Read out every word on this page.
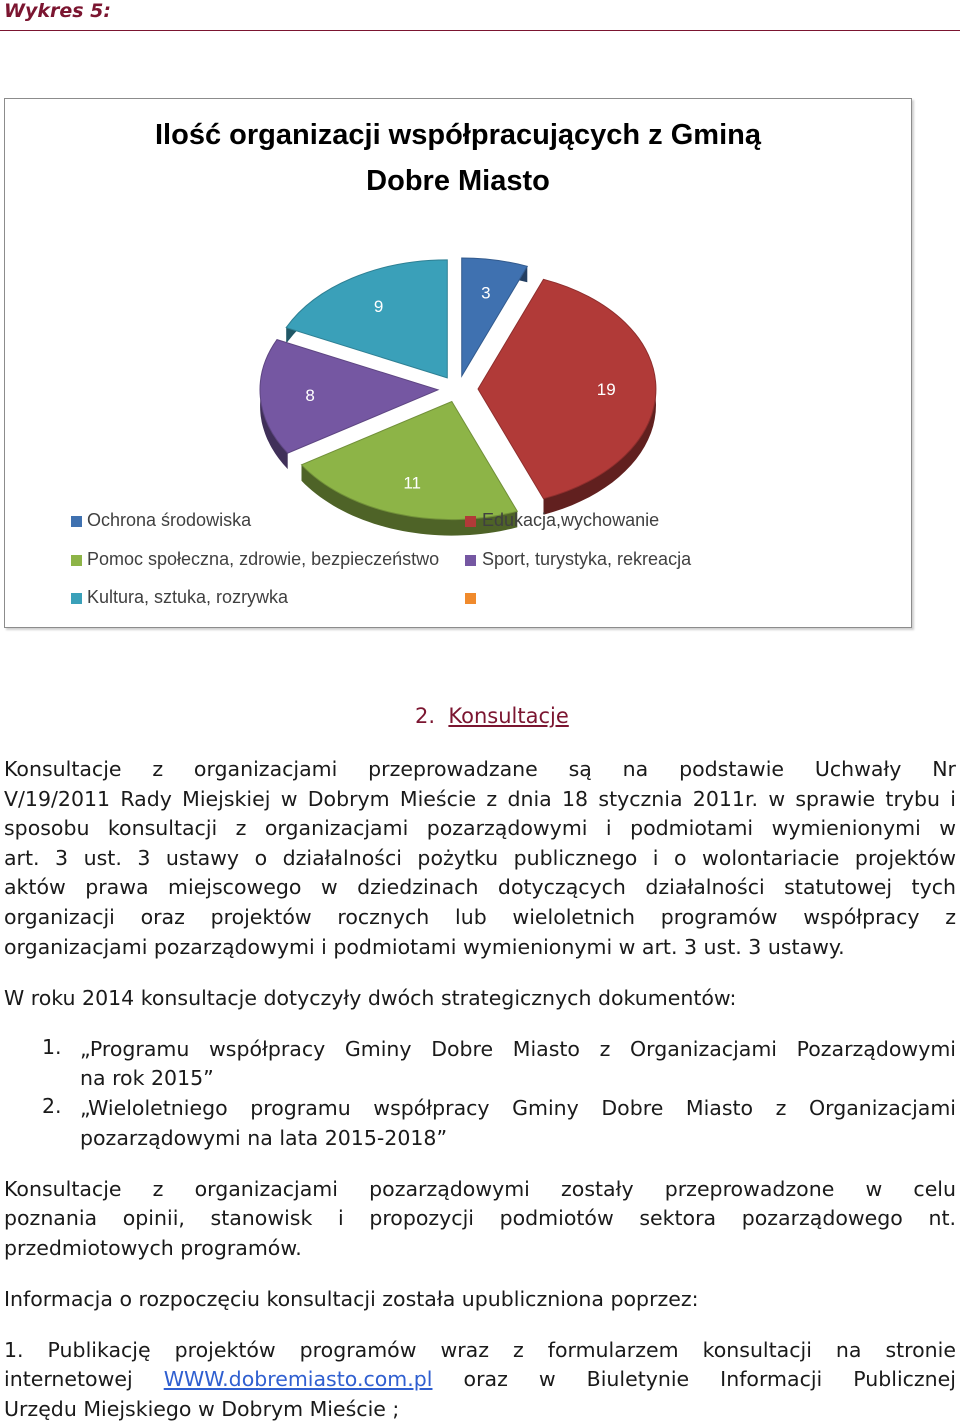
Wykres 5:
3
19
11
8
9
Ilość organizacji współpracujących z Gminą
Dobre Miasto
Ochrona środowiska	Edukacja,wychowanie
Pomoc społeczna, zdrowie, bezpieczeństwo Sport, turystyka, rekreacja
Kultura, sztuka, rozrywka
2. Konsultacje

Konsultacje z organizacjami przeprowadzane są na podstawie Uchwały Nr

V/19/2011 Rady Miejskiej w Dobrym Mieście z dnia 18 stycznia 2011r. w sprawie trybu i

sposobu konsultacji z organizacjami pozarządowymi i podmiotami wymienionymi w

art. 3 ust. 3 ustawy o działalności pożytku publicznego i o wolontariacie projektów

aktów prawa miejscowego w dziedzinach dotyczących działalności statutowej tych

organizacji oraz projektów rocznych lub wieloletnich programów współpracy z

organizacjami pozarządowymi i podmiotami wymienionymi w art. 3 ust. 3 ustawy.

W roku 2014 konsultacje dotyczyły dwóch strategicznych dokumentów:

1. „Programu współpracy Gminy Dobre Miasto z Organizacjami Pozarządowymi

na rok 2015”

2. „Wieloletniego programu współpracy Gminy Dobre Miasto z Organizacjami

pozarządowymi na lata 2015-2018”

Konsultacje z organizacjami pozarządowymi zostały przeprowadzone w celu

poznania opinii, stanowisk i propozycji podmiotów sektora pozarządowego nt.

przedmiotowych programów.

Informacja o rozpoczęciu konsultacji została upubliczniona poprzez:

1. Publikację projektów programów wraz z formularzem konsultacji na stronie

internetowej WWW.dobremiasto.com.pl oraz w Biuletynie Informacji Publicznej

Urzędu Miejskiego w Dobrym Mieście ;
